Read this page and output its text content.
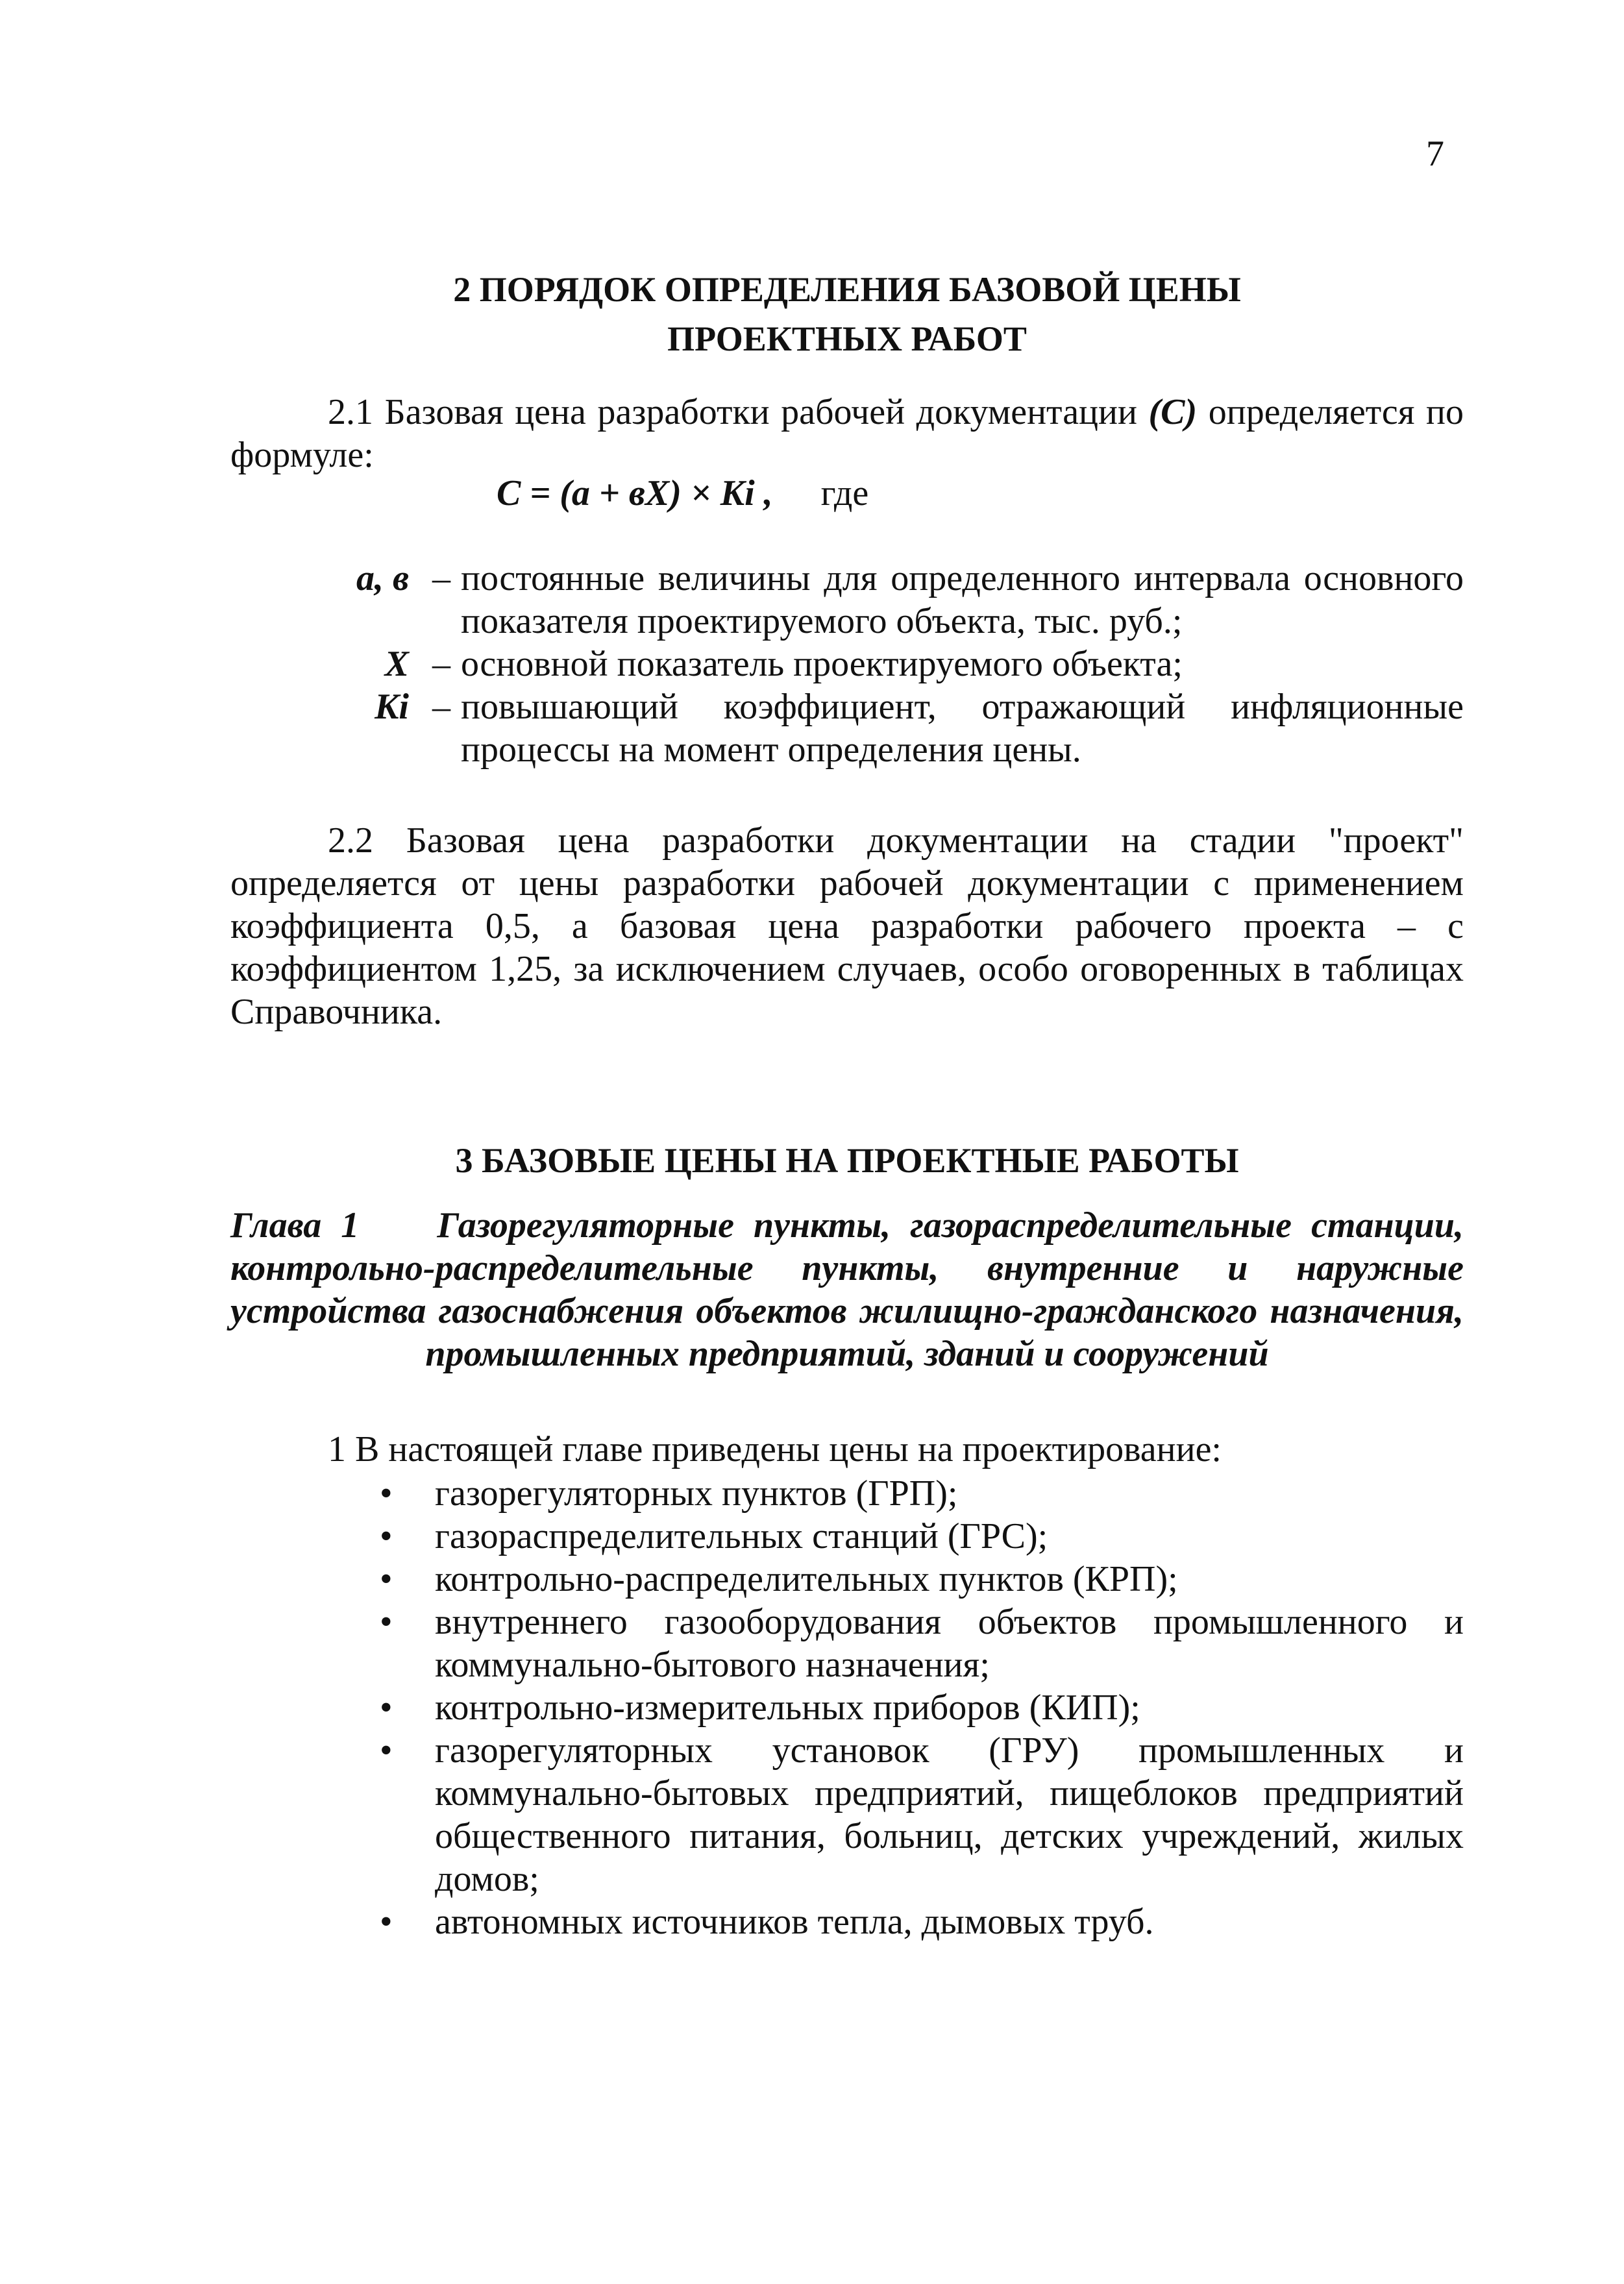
7
2 ПОРЯДОК ОПРЕДЕЛЕНИЯ БАЗОВОЙ ЦЕНЫ
ПРОЕКТНЫХ РАБОТ
2.1 Базовая цена разработки рабочей документации (С) определяется по формуле:
С = (а + вX) × Ki , где
а, в – постоянные величины для определенного интервала основного показателя проектируемого объекта, тыс. руб.;
X – основной показатель проектируемого объекта;
Ki – повышающий коэффициент, отражающий инфляционные процессы на момент определения цены.
2.2 Базовая цена разработки документации на стадии "проект" определяется от цены разработки рабочей документации с применением коэффициента 0,5, а базовая цена разработки рабочего проекта – с коэффициентом 1,25, за исключением случаев, особо оговоренных в таблицах Справочника.
3 БАЗОВЫЕ ЦЕНЫ НА ПРОЕКТНЫЕ РАБОТЫ
Глава 1 Газорегуляторные пункты, газораспределительные станции, контрольно-распределительные пункты, внутренние и наружные устройства газоснабжения объектов жилищно-гражданского назначения, промышленных предприятий, зданий и сооружений
1 В настоящей главе приведены цены на проектирование:
• газорегуляторных пунктов (ГРП);
• газораспределительных станций (ГРС);
• контрольно-распределительных пунктов (КРП);
• внутреннего газооборудования объектов промышленного и коммунально-бытового назначения;
• контрольно-измерительных приборов (КИП);
• газорегуляторных установок (ГРУ) промышленных и коммунально-бытовых предприятий, пищеблоков предприятий общественного питания, больниц, детских учреждений, жилых домов;
• автономных источников тепла, дымовых труб.
